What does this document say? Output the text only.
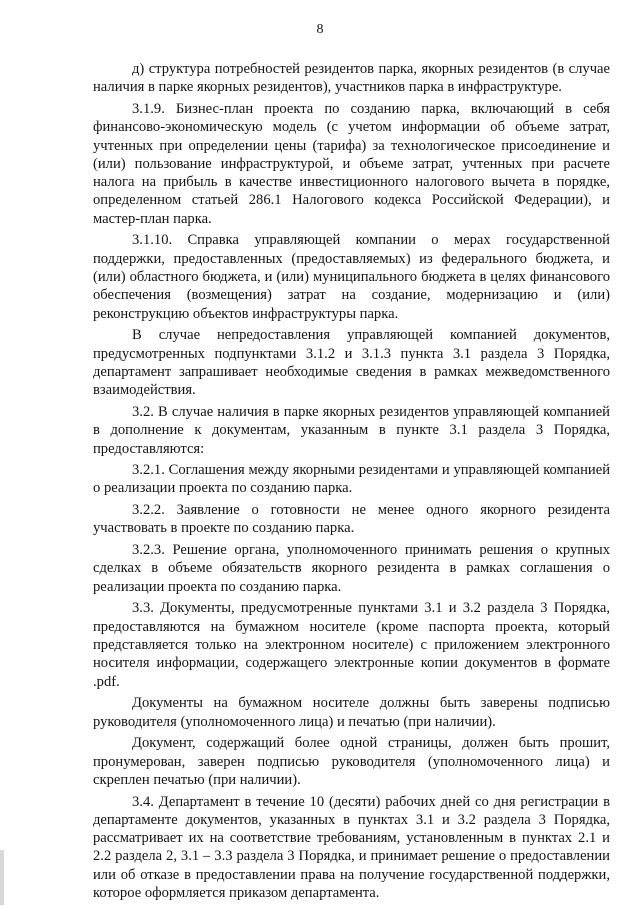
8

д) структура потребностей резидентов парка, якорных резидентов (в случае наличия в парке якорных резидентов), участников парка в инфраструктуре.

3.1.9. Бизнес-план проекта по созданию парка, включающий в себя финансово-экономическую модель (с учетом информации об объеме затрат, учтенных при определении цены (тарифа) за технологическое присоединение и (или) пользование инфраструктурой, и объеме затрат, учтенных при расчете налога на прибыль в качестве инвестиционного налогового вычета в порядке, определенном статьей 286.1 Налогового кодекса Российской Федерации), и мастер-план парка.

3.1.10. Справка управляющей компании о мерах государственной поддержки, предоставленных (предоставляемых) из федерального бюджета, и (или) областного бюджета, и (или) муниципального бюджета в целях финансового обеспечения (возмещения) затрат на создание, модернизацию и (или) реконструкцию объектов инфраструктуры парка.

В случае непредоставления управляющей компанией документов, предусмотренных подпунктами 3.1.2 и 3.1.3 пункта 3.1 раздела 3 Порядка, департамент запрашивает необходимые сведения в рамках межведомственного взаимодействия.

3.2. В случае наличия в парке якорных резидентов управляющей компанией в дополнение к документам, указанным в пункте 3.1 раздела 3 Порядка, предоставляются:

3.2.1. Соглашения между якорными резидентами и управляющей компанией о реализации проекта по созданию парка.

3.2.2. Заявление о готовности не менее одного якорного резидента участвовать в проекте по созданию парка.

3.2.3. Решение органа, уполномоченного принимать решения о крупных сделках в объеме обязательств якорного резидента в рамках соглашения о реализации проекта по созданию парка.

3.3. Документы, предусмотренные пунктами 3.1 и 3.2 раздела 3 Порядка, предоставляются на бумажном носителе (кроме паспорта проекта, который представляется только на электронном носителе) с приложением электронного носителя информации, содержащего электронные копии документов в формате .pdf.

Документы на бумажном носителе должны быть заверены подписью руководителя (уполномоченного лица) и печатью (при наличии).

Документ, содержащий более одной страницы, должен быть прошит, пронумерован, заверен подписью руководителя (уполномоченного лица) и скреплен печатью (при наличии).

3.4. Департамент в течение 10 (десяти) рабочих дней со дня регистрации в департаменте документов, указанных в пунктах 3.1 и 3.2 раздела 3 Порядка, рассматривает их на соответствие требованиям, установленным в пунктах 2.1 и 2.2 раздела 2, 3.1 – 3.3 раздела 3 Порядка, и принимает решение о предоставлении или об отказе в предоставлении права на получение государственной поддержки, которое оформляется приказом департамента.
